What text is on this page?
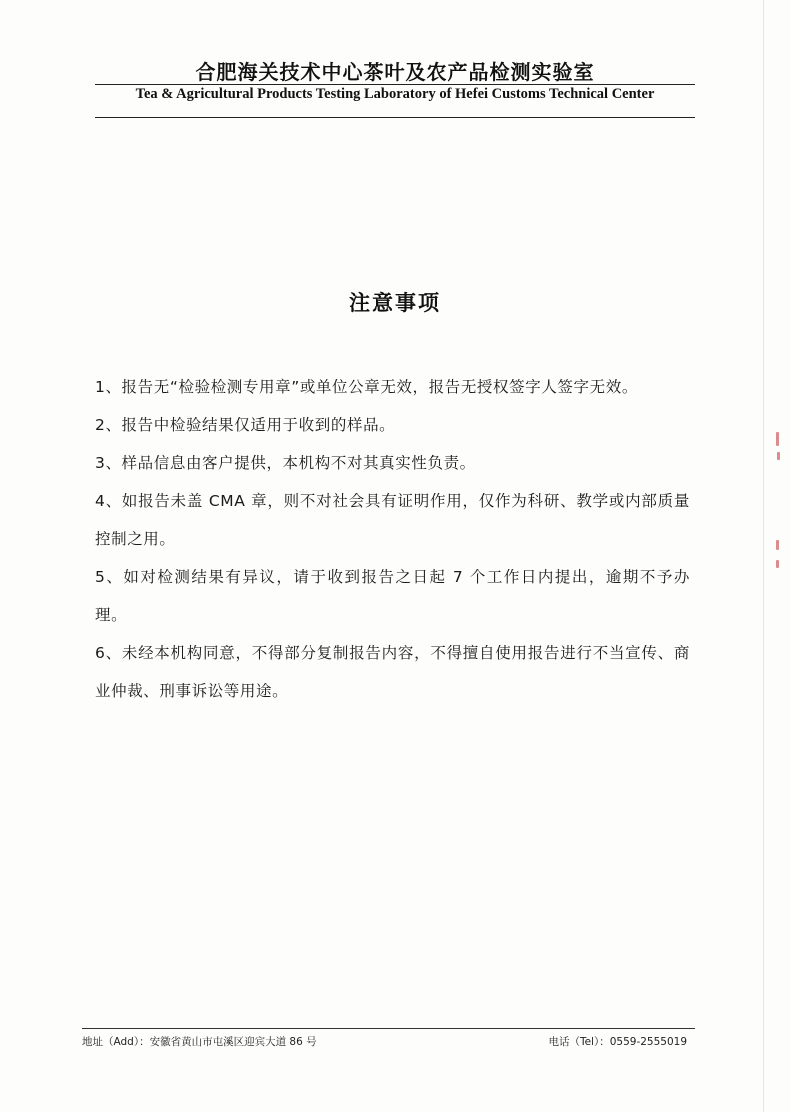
合肥海关技术中心茶叶及农产品检测实验室
Tea & Agricultural Products Testing Laboratory of Hefei Customs Technical Center
注意事项
1、报告无“检验检测专用章”或单位公章无效，报告无授权签字人签字无效。
2、报告中检验结果仅适用于收到的样品。
3、样品信息由客户提供，本机构不对其真实性负责。
4、如报告未盖 CMA 章，则不对社会具有证明作用，仅作为科研、教学或内部质量控制之用。
5、如对检测结果有异议，请于收到报告之日起 7 个工作日内提出，逾期不予办理。
6、未经本机构同意，不得部分复制报告内容，不得擅自使用报告进行不当宣传、商业仲裁、刑事诉讼等用途。
地址（Add）：安徽省黄山市屯溪区迎宾大道 86 号	电话（Tel）：0559-2555019
